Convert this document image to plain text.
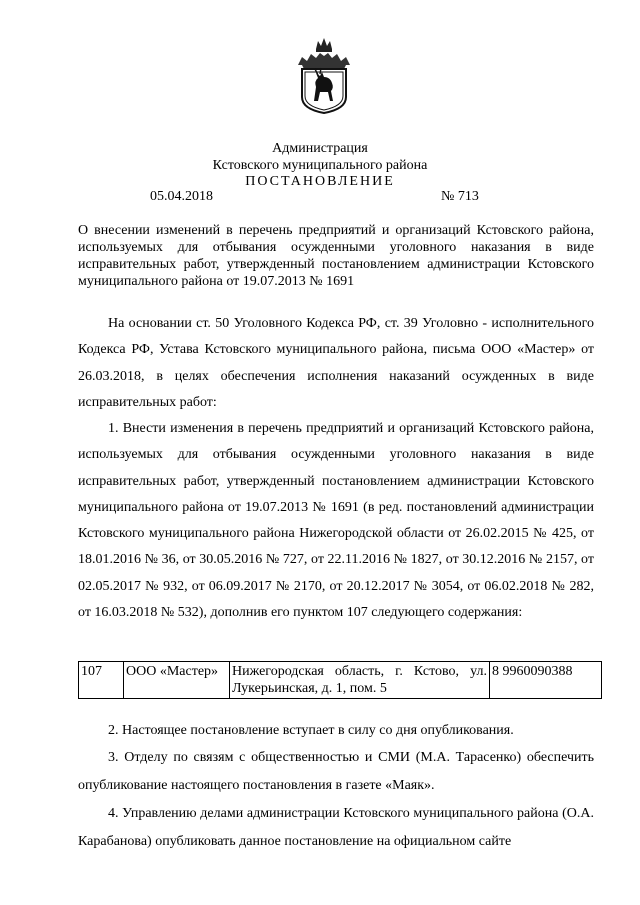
Администрация
Кстовского муниципального района
ПОСТАНОВЛЕНИЕ
05.04.2018	№ 713
О внесении изменений в перечень предприятий и организаций Кстовского района, используемых для отбывания осужденными уголовного наказания в виде исправительных работ, утвержденный постановлением администрации Кстовского муниципального района от 19.07.2013 № 1691
На основании ст. 50 Уголовного Кодекса РФ, ст. 39 Уголовно - исполнительного Кодекса РФ, Устава Кстовского муниципального района, письма ООО «Мастер» от 26.03.2018, в целях обеспечения исполнения наказаний осужденных в виде исправительных работ:
1. Внести изменения в перечень предприятий и организаций Кстовского района, используемых для отбывания осужденными уголовного наказания в виде исправительных работ, утвержденный постановлением администрации Кстовского муниципального района от 19.07.2013 № 1691 (в ред. постановлений администрации Кстовского муниципального района Нижегородской области от 26.02.2015 № 425, от 18.01.2016 № 36, от 30.05.2016 № 727, от 22.11.2016 № 1827, от 30.12.2016 № 2157, от 02.05.2017 № 932, от 06.09.2017 № 2170, от 20.12.2017 № 3054, от 06.02.2018 № 282, от 16.03.2018 № 532), дополнив его пунктом 107 следующего содержания:
107	ООО «Мастер»	Нижегородская область, г. Кстово, ул. Лукерьинская, д. 1, пом. 5	8 9960090388
2. Настоящее постановление вступает в силу со дня опубликования.
3. Отделу по связям с общественностью и СМИ (М.А. Тарасенко) обеспечить опубликование настоящего постановления в газете «Маяк».
4. Управлению делами администрации Кстовского муниципального района (О.А. Карабанова) опубликовать данное постановление на официальном сайте
